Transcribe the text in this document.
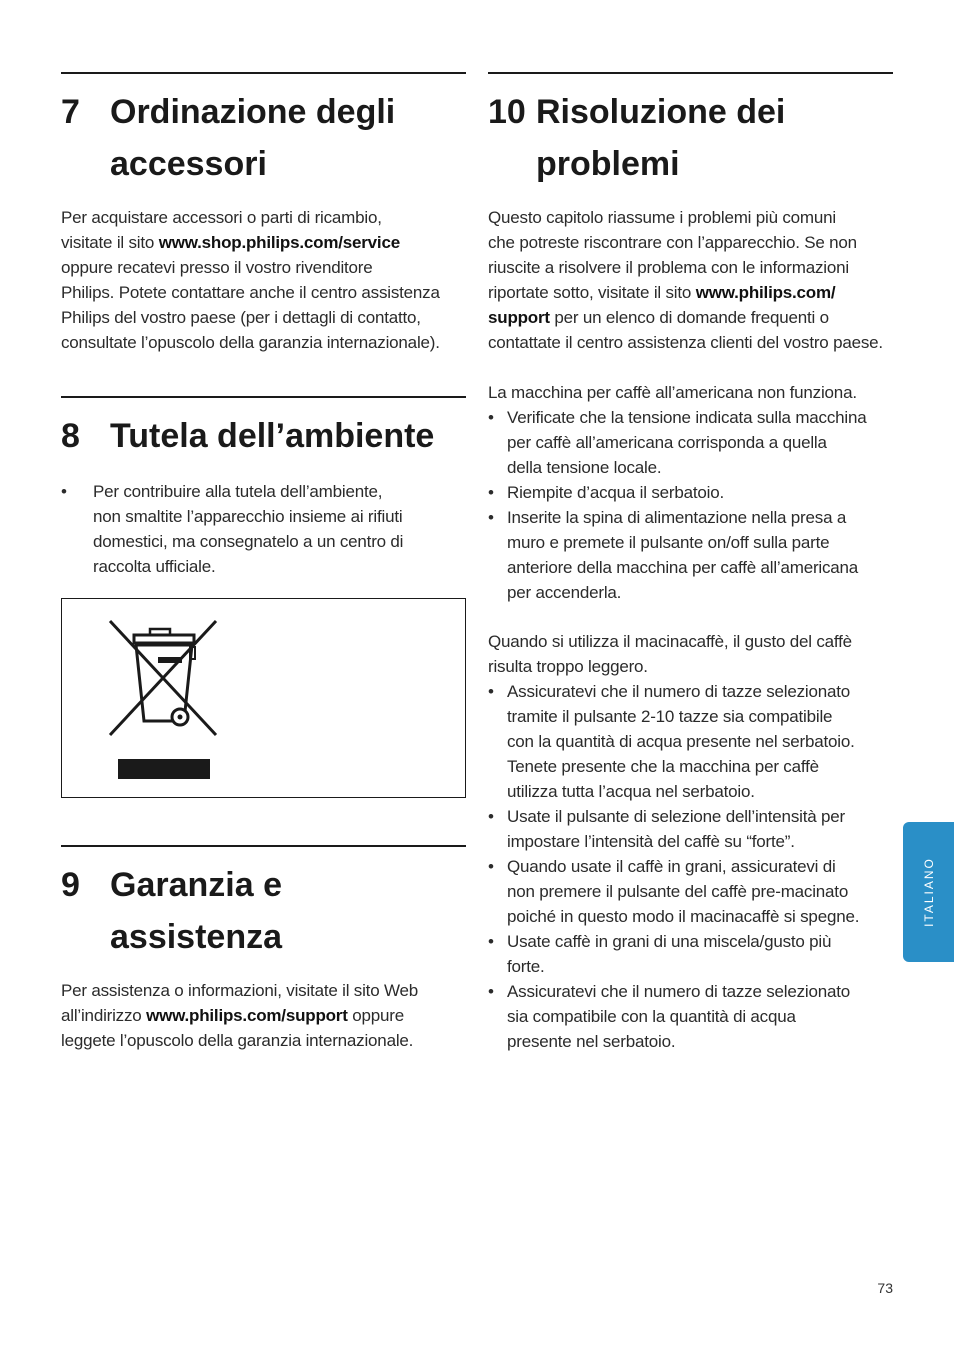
7 Ordinazione degli
accessori
Per acquistare accessori o parti di ricambio,
visitate il sito www.shop.philips.com/service
oppure recatevi presso il vostro rivenditore
Philips. Potete contattare anche il centro assistenza
Philips del vostro paese (per i dettagli di contatto,
consultate l’opuscolo della garanzia internazionale).
8 Tutela dell’ambiente
•	Per contribuire alla tutela dell’ambiente,
non smaltite l’apparecchio insieme ai rifiuti
domestici, ma consegnatelo a un centro di
raccolta ufficiale.
9 Garanzia e
assistenza
Per assistenza o informazioni, visitate il sito Web
all’indirizzo www.philips.com/support oppure
leggete l’opuscolo della garanzia internazionale.
10 Risoluzione dei
problemi
Questo capitolo riassume i problemi più comuni
che potreste riscontrare con l’apparecchio. Se non
riuscite a risolvere il problema con le informazioni
riportate sotto, visitate il sito www.philips.com/
support per un elenco di domande frequenti o
contattate il centro assistenza clienti del vostro paese.
La macchina per caffè all’americana non funziona.
• Verificate che la tensione indicata sulla macchina
per caffè all’americana corrisponda a quella
della tensione locale.
• Riempite d’acqua il serbatoio.
• Inserite la spina di alimentazione nella presa a
muro e premete il pulsante on/off sulla parte
anteriore della macchina per caffè all’americana
per accenderla.
Quando si utilizza il macinacaffè, il gusto del caffè
risulta troppo leggero.
• Assicuratevi che il numero di tazze selezionato
tramite il pulsante 2-10 tazze sia compatibile
con la quantità di acqua presente nel serbatoio.
Tenete presente che la macchina per caffè
utilizza tutta l’acqua nel serbatoio.
• Usate il pulsante di selezione dell’intensità per
impostare l’intensità del caffè su “forte”.
• Quando usate il caffè in grani, assicuratevi di
non premere il pulsante del caffè pre-macinato
poiché in questo modo il macinacaffè si spegne.
• Usate caffè in grani di una miscela/gusto più
forte.
• Assicuratevi che il numero di tazze selezionato
sia compatibile con la quantità di acqua
presente nel serbatoio.
ITALIANO
73
